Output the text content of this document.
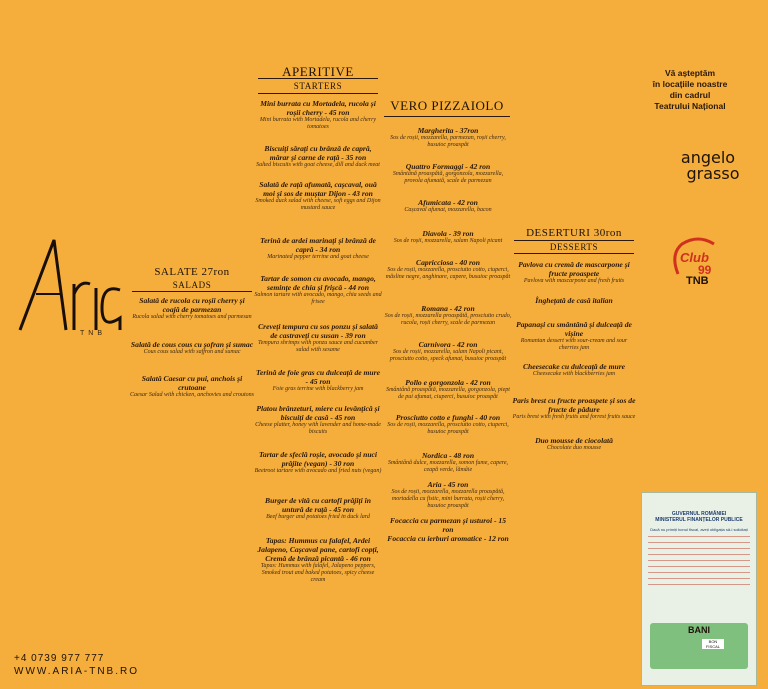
TNB
+4 0739 977 777
WWW.ARIA-TNB.RO
SALATE 27ron
SALADS
Salată de rucola cu roșii cherry și coajă de parmezan
Rucola salad with cherry tomatoes and parmesan
Salată de cous cous cu șofran și sumac
Cous cous salad with saffron and sumac
Salată Caesar cu pui, anchois și crutoane
Caesar Salad with chicken, anchovies and croutons
APERITIVE
STARTERS
Mini burrata cu Mortadela, rucola și roșii cherry - 45 ron
Mini burrata with Mortadela, rucola and cherry tomatoes
Biscuiți sărați cu brânză de capră, mărar și carne de rață - 35 ron
Salted biscuits with goat cheese, dill and duck meat
Salată de rață afumată, cașcaval, ouă moi și sos de muștar Dijon - 43 ron
Smoked duck salad with cheese, soft eggs and Dijon mustard sauce
Terină de ardei marinați și brânză de capră - 34 ron
Marinated pepper terrine and goat cheese
Tartar de somon cu avocado, mango, semințe de chia și frișcă - 44 ron
Salmon tartare with avocado, mango, chia seeds and frisee
Creveți tempura cu sos ponzu și salată de castraveți cu susan - 39 ron
Tempura shrimps with ponzu sauce and cucumber salad with sesame
Terină de foie gras cu dulceață de mure - 45 ron
Foie gras terrine with blackberry jam
Platou brânzeturi, miere cu levănțică și biscuiți de casă - 45 ron
Cheese platter, honey with lavender and home-made biscuits
Tartar de sfeclă roșie, avocado și nuci prăjite (vegan) - 30 ron
Beetroot tartare with avocado and fried nuts (vegan)
Burger de vită cu cartofi prăjiți în untură de rață - 45 ron
Beef burger and potatoes fried in duck lard
Tapas: Hummus cu falafel, Ardei Jalapeno, Cașcaval pane, cartofi copți, Cremă de brânză picantă - 46 ron
Tapas: Hummus with falafel, Jalapeno peppers, Smoked trout and baked potatoes, spicy cheese cream
VERO PIZZAIOLO
Margherita - 37ron
Sos de roșii, mozzarella, parmezan, roșii cherry, busuioc proaspăt
Quattro Formaggi - 42 ron
Smântână proaspătă, gorgonzola, mozzarella, provola afumată, scale de parmezan
Afumicata - 42 ron
Cașcaval afumat, mozzarella, bacon
Diavola - 39 ron
Sos de roșii, mozzarella, salam Napoli picant
Capricciosa - 40 ron
Sos de roșii, mozzarella, prosciutto cotto, ciuperci, măsline negre, anghinare, capere, busuioc proaspăt
Romana - 42 ron
Sos de roșii, mozzarella proaspătă, prosciutto crudo, rucola, roșii cherry, scale de parmezan
Carnivora - 42 ron
Sos de roșii, mozzarella, salam Napoli picant, prosciutto cotto, speck afumat, busuioc proaspăt
Pollo e gorgonzola - 42 ron
Smântână proaspătă, mozzarella, gorgonzola, piept de pui afumat, ciuperci, busuioc proaspăt
Prosciutto cotto e funghi - 40 ron
Sos de roșii, mozzarella, prosciutto cotto, ciuperci, busuioc proaspăt
Nordica - 48 ron
Smântână dulce, mozzarella, somon fume, capere, ceapă verde, lămâie
Aria - 45 ron
Sos de roșii, mozzarella, mozzarella proaspătă, mortadella cu fistic, mini burrata, roșii cherry, busuioc proaspăt
Focaccia cu parmezan și usturoi - 15 ron
Focaccia cu ierburi aromatice - 12 ron
DESERTURI 30ron
DESSERTS
Pavlova cu cremă de mascarpone și fructe proaspete
Pavlova with mascarpone and fresh fruits
Înghețată de casă italian
Papanași cu smântână și dulceață de vișine
Romanian dessert with sour-cream and sour cherries jam
Cheesecake cu dulceață de mure
Cheesecake with blackberries jam
Paris brest cu fructe proaspete și sos de fructe de pădure
Paris brest with fresh fruits and forrest fruits sauce
Duo mousse de ciocolată
Chocolate duo mousse
Vă așteptăm
în locațiile noastre
din cadrul
Teatrului Național
angelo
grasso
Club
99
TNB
GUVERNUL ROMÂNIEI
MINISTERUL FINANȚELOR PUBLICE
Dacă nu primiți bonul fiscal, aveți obligația să-l solicitați
BANI
BON FISCAL
